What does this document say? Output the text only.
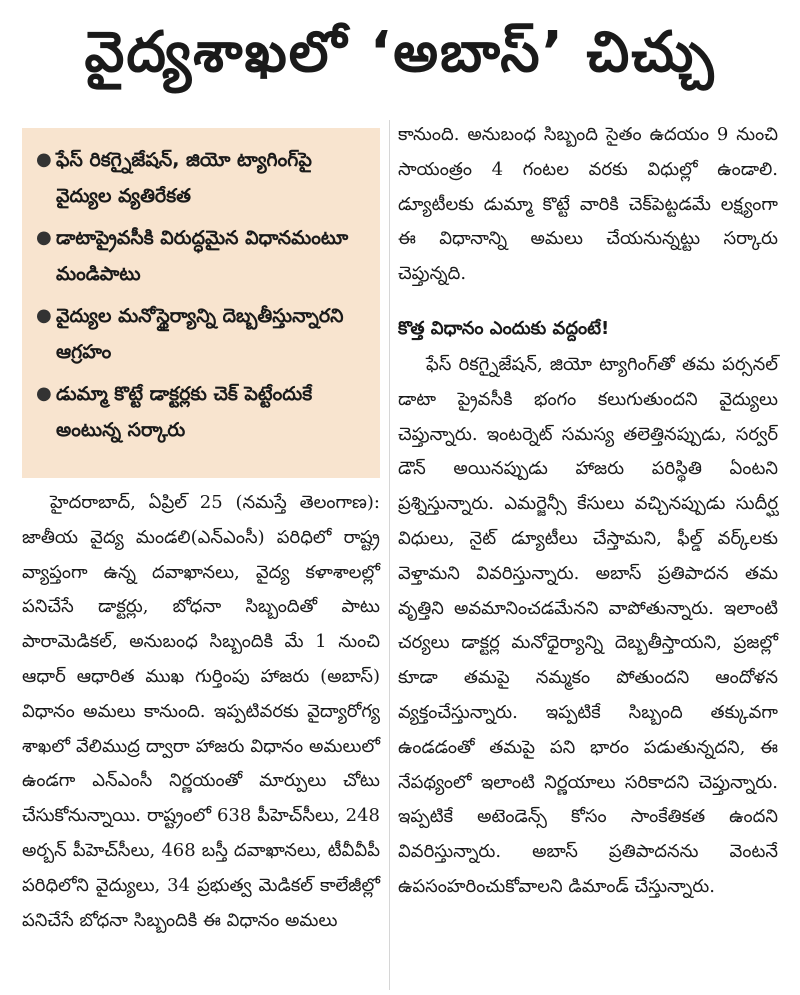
వైద్యశాఖలో ‘అబాస్’ చిచ్చు
● ఫేస్ రికగ్నైజేషన్, జియో ట్యాగింగ్‌పై వైద్యుల వ్యతిరేకత
● డాటాప్రైవసీకి విరుద్ధమైన విధానమంటూ మండిపాటు
● వైద్యుల మనోస్థైర్యాన్ని దెబ్బతీస్తున్నారని ఆగ్రహం
● డుమ్మా కొట్టే డాక్టర్లకు చెక్ పెట్టేందుకే అంటున్న సర్కారు

హైదరాబాద్, ఏప్రిల్ 25 (నమస్తే తెలంగాణ): జాతీయ వైద్య మండలి(ఎన్ఎంసీ) పరిధిలో రాష్ట్ర వ్యాప్తంగా ఉన్న దవాఖానలు, వైద్య కళాశాలల్లో పనిచేసే డాక్టర్లు, బోధనా సిబ్బందితో పాటు పారామెడికల్, అనుబంధ సిబ్బందికి మే 1 నుంచి ఆధార్ ఆధారిత ముఖ గుర్తింపు హాజరు (అబాస్) విధానం అమలు కానుంది. ఇప్పటివరకు వైద్యారోగ్య శాఖలో వేలిముద్ర ద్వారా హాజరు విధానం అమలులో ఉండగా ఎన్ఎంసీ నిర్ణయంతో మార్పులు చోటు చేసుకోనున్నాయి. రాష్ట్రంలో 638 పీహెచ్‌సీలు, 248 అర్బన్ పీహెచ్‌సీలు, 468 బస్తీ దవాఖానలు, టీవీవీపీ పరిధిలోని వైద్యులు, 34 ప్రభుత్వ మెడికల్ కాలేజీల్లో పనిచేసే బోధనా సిబ్బందికి ఈ విధానం అమలు

కానుంది. అనుబంధ సిబ్బంది సైతం ఉదయం 9 నుంచి సాయంత్రం 4 గంటల వరకు విధుల్లో ఉండాలి. డ్యూటీలకు డుమ్మా కొట్టే వారికి చెక్‌పెట్టడమే లక్ష్యంగా ఈ విధానాన్ని అమలు చేయనున్నట్టు సర్కారు చెప్తున్నది.

కొత్త విధానం ఎందుకు వద్దంటే!

ఫేస్ రికగ్నైజేషన్, జియో ట్యాగింగ్‌తో తమ పర్సనల్ డాటా ప్రైవసీకి భంగం కలుగుతుందని వైద్యులు చెప్తున్నారు. ఇంటర్నెట్ సమస్య తలెత్తినప్పుడు, సర్వర్ డౌన్ అయినప్పుడు హాజరు పరిస్థితి ఏంటని ప్రశ్నిస్తున్నారు. ఎమర్జెన్సీ కేసులు వచ్చినప్పుడు సుదీర్ఘ విధులు, నైట్ డ్యూటీలు చేస్తామని, ఫీల్డ్ వర్క్‌లకు వెళ్తామని వివరిస్తున్నారు. అబాస్ ప్రతిపాదన తమ వృత్తిని అవమానించడమేనని వాపోతున్నారు. ఇలాంటి చర్యలు డాక్టర్ల మనోధైర్యాన్ని దెబ్బతీస్తాయని, ప్రజల్లో కూడా తమపై నమ్మకం పోతుందని ఆందోళన వ్యక్తంచేస్తున్నారు. ఇప్పటికే సిబ్బంది తక్కువగా ఉండడంతో తమపై పని భారం పడుతున్నదని, ఈ నేపథ్యంలో ఇలాంటి నిర్ణయాలు సరికాదని చెప్తున్నారు. ఇప్పటికే అటెండెన్స్ కోసం సాంకేతికత ఉందని వివరిస్తున్నారు. అబాస్ ప్రతిపాదనను వెంటనే ఉపసంహరించుకోవాలని డిమాండ్ చేస్తున్నారు.
